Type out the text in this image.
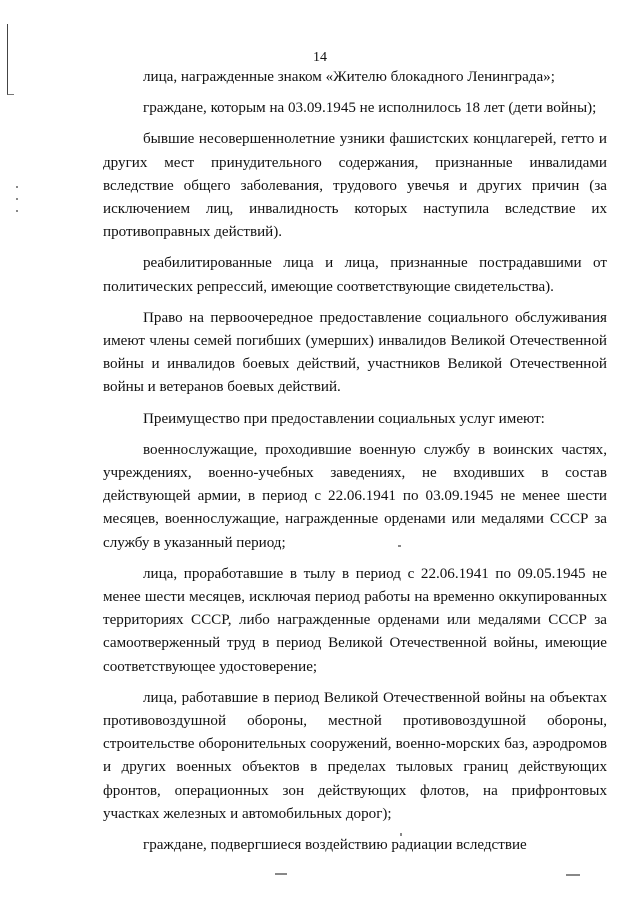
14

лица, награжденные знаком «Жителю блокадного Ленинграда»;

граждане, которым на 03.09.1945 не исполнилось 18 лет (дети войны);

бывшие несовершеннолетние узники фашистских концлагерей, гетто и других мест принудительного содержания, признанные инвалидами вследствие общего заболевания, трудового увечья и других причин (за исключением лиц, инвалидность которых наступила вследствие их противоправных действий).

реабилитированные лица и лица, признанные пострадавшими от политических репрессий, имеющие соответствующие свидетельства).

Право на первоочередное предоставление социального обслуживания имеют члены семей погибших (умерших) инвалидов Великой Отечественной войны и инвалидов боевых действий, участников Великой Отечественной войны и ветеранов боевых действий.

Преимущество при предоставлении социальных услуг имеют:

военнослужащие, проходившие военную службу в воинских частях, учреждениях, военно-учебных заведениях, не входивших в состав действующей армии, в период с 22.06.1941 по 03.09.1945 не менее шести месяцев, военнослужащие, награжденные орденами или медалями СССР за службу в указанный период;

лица, проработавшие в тылу в период с 22.06.1941 по 09.05.1945 не менее шести месяцев, исключая период работы на временно оккупированных территориях СССР, либо награжденные орденами или медалями СССР за самоотверженный труд в период Великой Отечественной войны, имеющие соответствующее удостоверение;

лица, работавшие в период Великой Отечественной войны на объектах противовоздушной обороны, местной противовоздушной обороны, строительстве оборонительных сооружений, военно-морских баз, аэродромов и других военных объектов в пределах тыловых границ действующих фронтов, операционных зон действующих флотов, на прифронтовых участках железных и автомобильных дорог);

граждане, подвергшиеся воздействию радиации вследствие
